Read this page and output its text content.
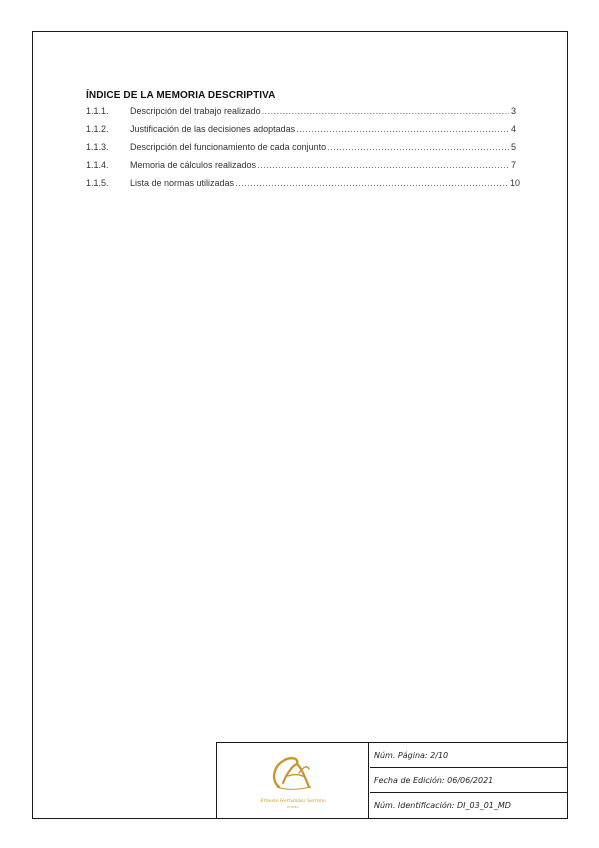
ÍNDICE DE LA MEMORIA DESCRIPTIVA
1.1.1.	Descripción del trabajo realizado .....	3
1.1.2.	Justificación de las decisiones adoptadas .....	4
1.1.3.	Descripción del funcionamiento de cada conjunto .....	5
1.1.4.	Memoria de cálculos realizados .....	7
1.1.5.	Lista de normas utilizadas .....	10
Ernesto Hernández Serrano
DISEÑO
Núm. Página: 2/10
Fecha de Edición: 06/06/2021
Núm. Identificación: DI_03_01_MD
